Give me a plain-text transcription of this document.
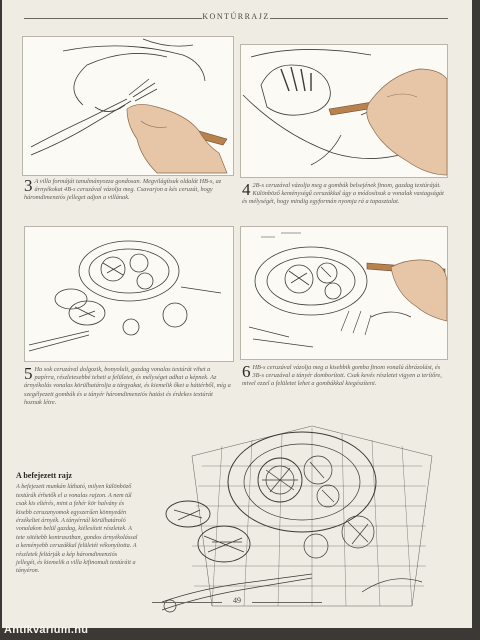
KONTÚRRAJZ
3 A villa formáját tanulmányozza gondosan. Megvilágítsuk oldalát HB-s, az árnyékokat 4B-s ceruzával vázolja meg. Csavarjon a kés ceruzát, hogy háromdimenziós jelleget adjon a villának.	4 2B-s ceruzával vázolja meg a gombák belsejének finom, gazdag textúráját. Különböző keménységű ceruzákkal úgy a módosítsuk a vonalak vastagságát és mélységét, hogy mindig egyformán nyomja rá a tapasztalat.
5 Ha sok ceruzával dolgozik, bonyolult, gazdag vonalas textúrát vihet a papírra, részletesebbé teheti a felületet, és mélységet adhat a képnek. Az árnyékolás vonalas körülhatárolja a tárgyakat, és kiemelik őket a háttérből, míg a szegélyezett gombák és a tányér háromdimenziós hatást és érdekes textúrát hoznak létre.
6 HB-s ceruzával vázolja meg a kisebbik gomba finom vonalú ábrázolást, és 3B-s ceruzával a tányér domborított. Csak kevés részletet vigyen a terítőre, mivel ezzel a felületet lehet a gombákkal kiegészíteni.
A befejezett rajz
A befejezett munkán látható, milyen különböző textúrák érhetők el a vonalas rajzon. A nem túl csak kis eltérés, mint a fehér kör halvány és kisebb ceruzanyomok egyszerűen könnyedén érzékeltet árnyék. A tányérnál körülhatároló vonalakon belül gazdag, kiélesített részletek. A tete sötétebb kontrasztban, gondos árnyékolással a keményebb ceruzákkal felületét vékonyította. A részletek feltárják a kép háromdimenziós jellegét, és kiemelik a villa kifinomult textúráit a tányéron.
49
Antikvárium.hu
